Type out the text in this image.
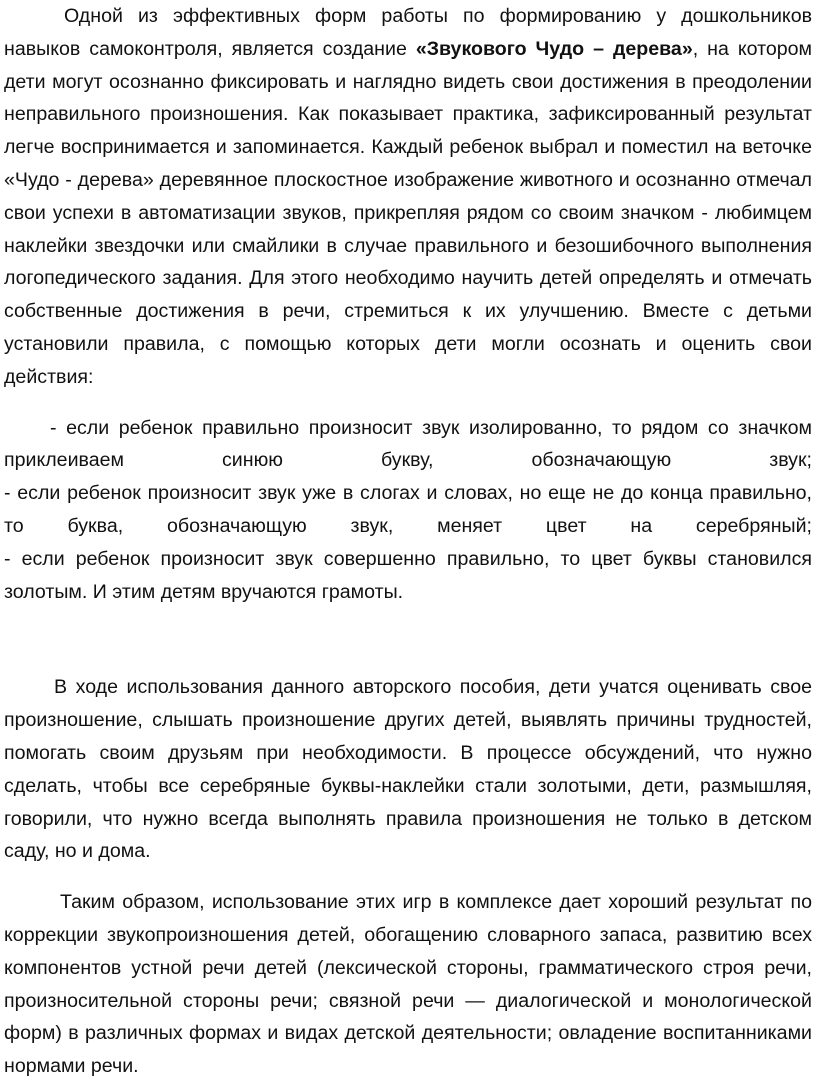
Одной из эффективных форм работы по формированию у дошкольников навыков самоконтроля, является создание «Звукового Чудо – дерева», на котором дети могут осознанно фиксировать и наглядно видеть свои достижения в преодолении неправильного произношения. Как показывает практика, зафиксированный результат легче воспринимается и запоминается. Каждый ребенок выбрал и поместил на веточке «Чудо - дерева» деревянное плоскостное изображение животного и осознанно отмечал свои успехи в автоматизации звуков, прикрепляя рядом со своим значком - любимцем наклейки звездочки или смайлики в случае правильного и безошибочного выполнения логопедического задания. Для этого необходимо научить детей определять и отмечать собственные достижения в речи, стремиться к их улучшению. Вместе с детьми установили правила, с помощью которых дети могли осознать и оценить свои действия:

- если ребенок правильно произносит звук изолированно, то рядом со значком приклеиваем синюю букву, обозначающую звук;
- если ребенок произносит звук уже в слогах и словах, но еще не до конца правильно, то буква, обозначающую звук, меняет цвет на серебряный;
- если ребенок произносит звук совершенно правильно, то цвет буквы становился золотым. И этим детям вручаются грамоты.

В ходе использования данного авторского пособия, дети учатся оценивать свое произношение, слышать произношение других детей, выявлять причины трудностей, помогать своим друзьям при необходимости. В процессе обсуждений, что нужно сделать, чтобы все серебряные буквы-наклейки стали золотыми, дети, размышляя, говорили, что нужно всегда выполнять правила произношения не только в детском саду, но и дома.

Таким образом, использование этих игр в комплексе дает хороший результат по коррекции звукопроизношения детей, обогащению словарного запаса, развитию всех компонентов устной речи детей (лексической стороны, грамматического строя речи, произносительной стороны речи; связной речи — диалогической и монологической форм) в различных формах и видах детской деятельности; овладение воспитанниками нормами речи.
